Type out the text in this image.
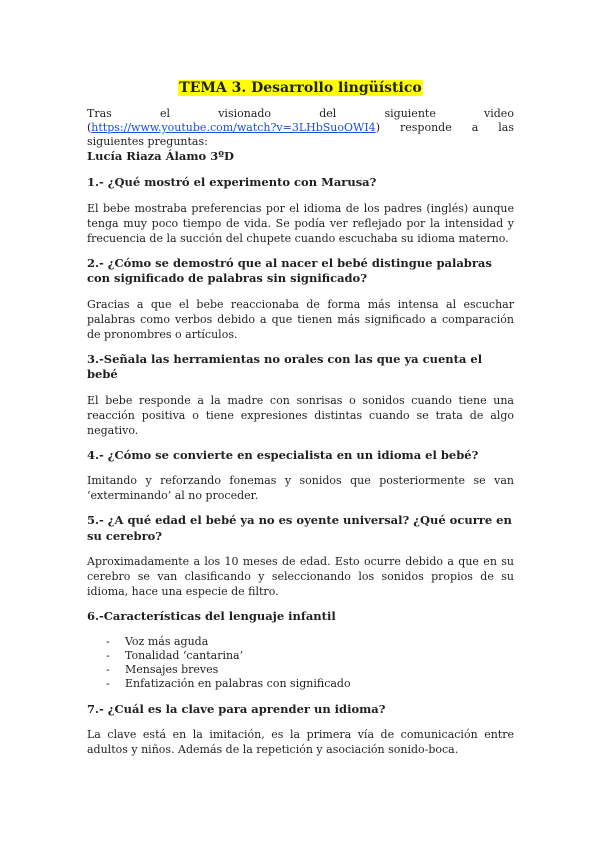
TEMA 3. Desarrollo lingüístico
Tras	el	visionado	del	siguiente	video
(https://www.youtube.com/watch?v=3LHbSuoOWI4) responde a las siguientes preguntas:

Lucía Riaza Álamo 3ºD

1.- ¿Qué mostró el experimento con Marusa?

El bebe mostraba preferencias por el idioma de los padres (inglés) aunque tenga muy poco tiempo de vida. Se podía ver reflejado por la intensidad y frecuencia de la succión del chupete cuando escuchaba su idioma materno.

2.- ¿Cómo se demostró que al nacer el bebé distingue palabras con significado de palabras sin significado?

Gracias a que el bebe reaccionaba de forma más intensa al escuchar palabras como verbos debido a que tienen más significado a comparación de pronombres o artículos.

3.-Señala las herramientas no orales con las que ya cuenta el bebé

El bebe responde a la madre con sonrisas o sonidos cuando tiene una reacción positiva o tiene expresiones distintas cuando se trata de algo negativo.

4.- ¿Cómo se convierte en especialista en un idioma el bebé?

Imitando y reforzando fonemas y sonidos que posteriormente se van ‘exterminando’ al no proceder.

5.- ¿A qué edad el bebé ya no es oyente universal? ¿Qué ocurre en su cerebro?

Aproximadamente a los 10 meses de edad. Esto ocurre debido a que en su cerebro se van clasificando y seleccionando los sonidos propios de su idioma, hace una especie de filtro.

6.-Características del lenguaje infantil
-	Voz más aguda
-	Tonalidad ‘cantarina’
-	Mensajes breves
-	Enfatización en palabras con significado
7.- ¿Cuál es la clave para aprender un idioma?

La clave está en la imitación, es la primera vía de comunicación entre adultos y niños. Además de la repetición y asociación sonido-boca.
